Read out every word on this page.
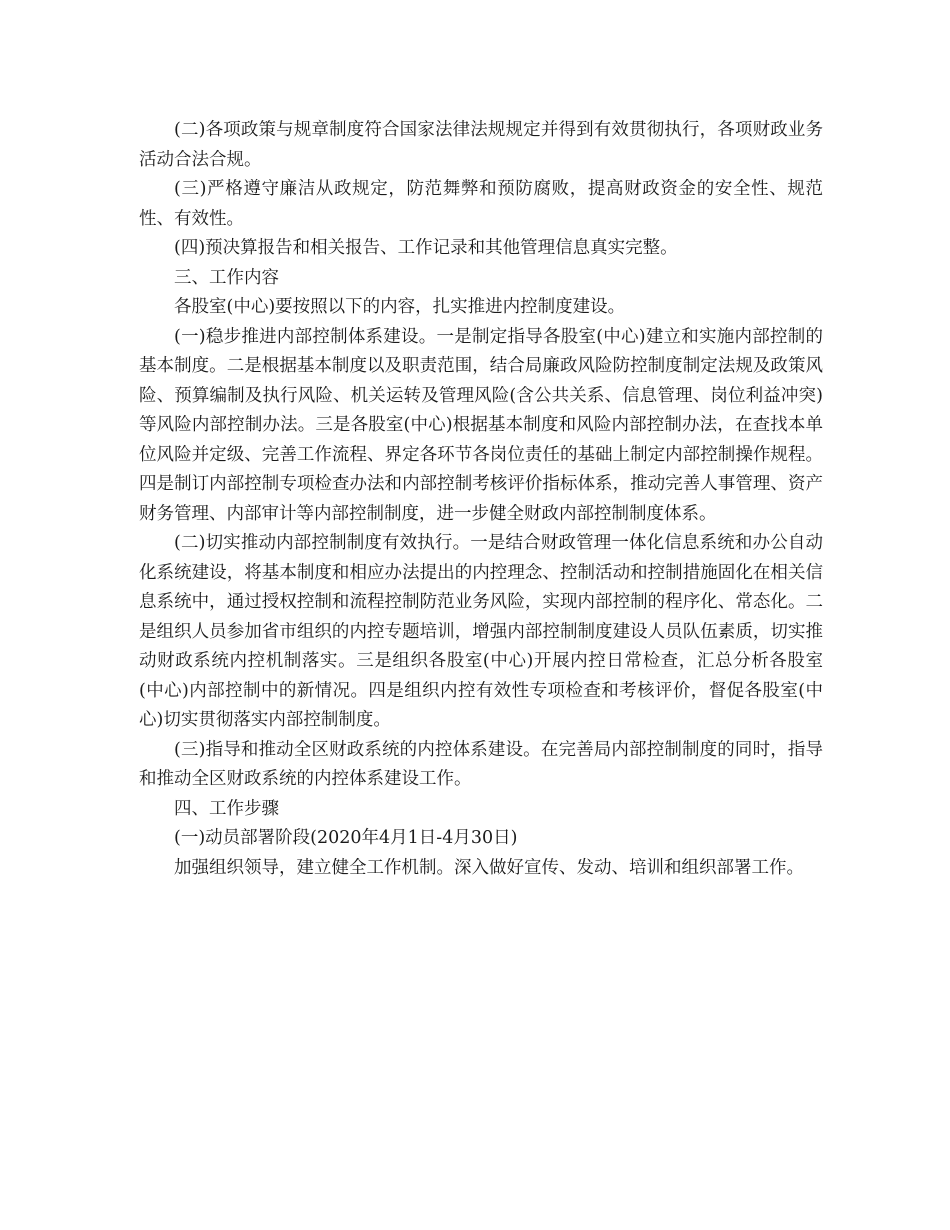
(二)各项政策与规章制度符合国家法律法规规定并得到有效贯彻执行，各项财政业务活动合法合规。

(三)严格遵守廉洁从政规定，防范舞弊和预防腐败，提高财政资金的安全性、规范性、有效性。

(四)预决算报告和相关报告、工作记录和其他管理信息真实完整。

三、工作内容

各股室(中心)要按照以下的内容，扎实推进内控制度建设。

(一)稳步推进内部控制体系建设。一是制定指导各股室(中心)建立和实施内部控制的基本制度。二是根据基本制度以及职责范围，结合局廉政风险防控制度制定法规及政策风险、预算编制及执行风险、机关运转及管理风险(含公共关系、信息管理、岗位利益冲突)等风险内部控制办法。三是各股室(中心)根据基本制度和风险内部控制办法，在查找本单位风险并定级、完善工作流程、界定各环节各岗位责任的基础上制定内部控制操作规程。四是制订内部控制专项检查办法和内部控制考核评价指标体系，推动完善人事管理、资产财务管理、内部审计等内部控制制度，进一步健全财政内部控制制度体系。

(二)切实推动内部控制制度有效执行。一是结合财政管理一体化信息系统和办公自动化系统建设，将基本制度和相应办法提出的内控理念、控制活动和控制措施固化在相关信息系统中，通过授权控制和流程控制防范业务风险，实现内部控制的程序化、常态化。二是组织人员参加省市组织的内控专题培训，增强内部控制制度建设人员队伍素质，切实推动财政系统内控机制落实。三是组织各股室(中心)开展内控日常检查，汇总分析各股室(中心)内部控制中的新情况。四是组织内控有效性专项检查和考核评价，督促各股室(中心)切实贯彻落实内部控制制度。

(三)指导和推动全区财政系统的内控体系建设。在完善局内部控制制度的同时，指导和推动全区财政系统的内控体系建设工作。

四、工作步骤

(一)动员部署阶段(2020年4月1日-4月30日)

加强组织领导，建立健全工作机制。深入做好宣传、发动、培训和组织部署工作。
